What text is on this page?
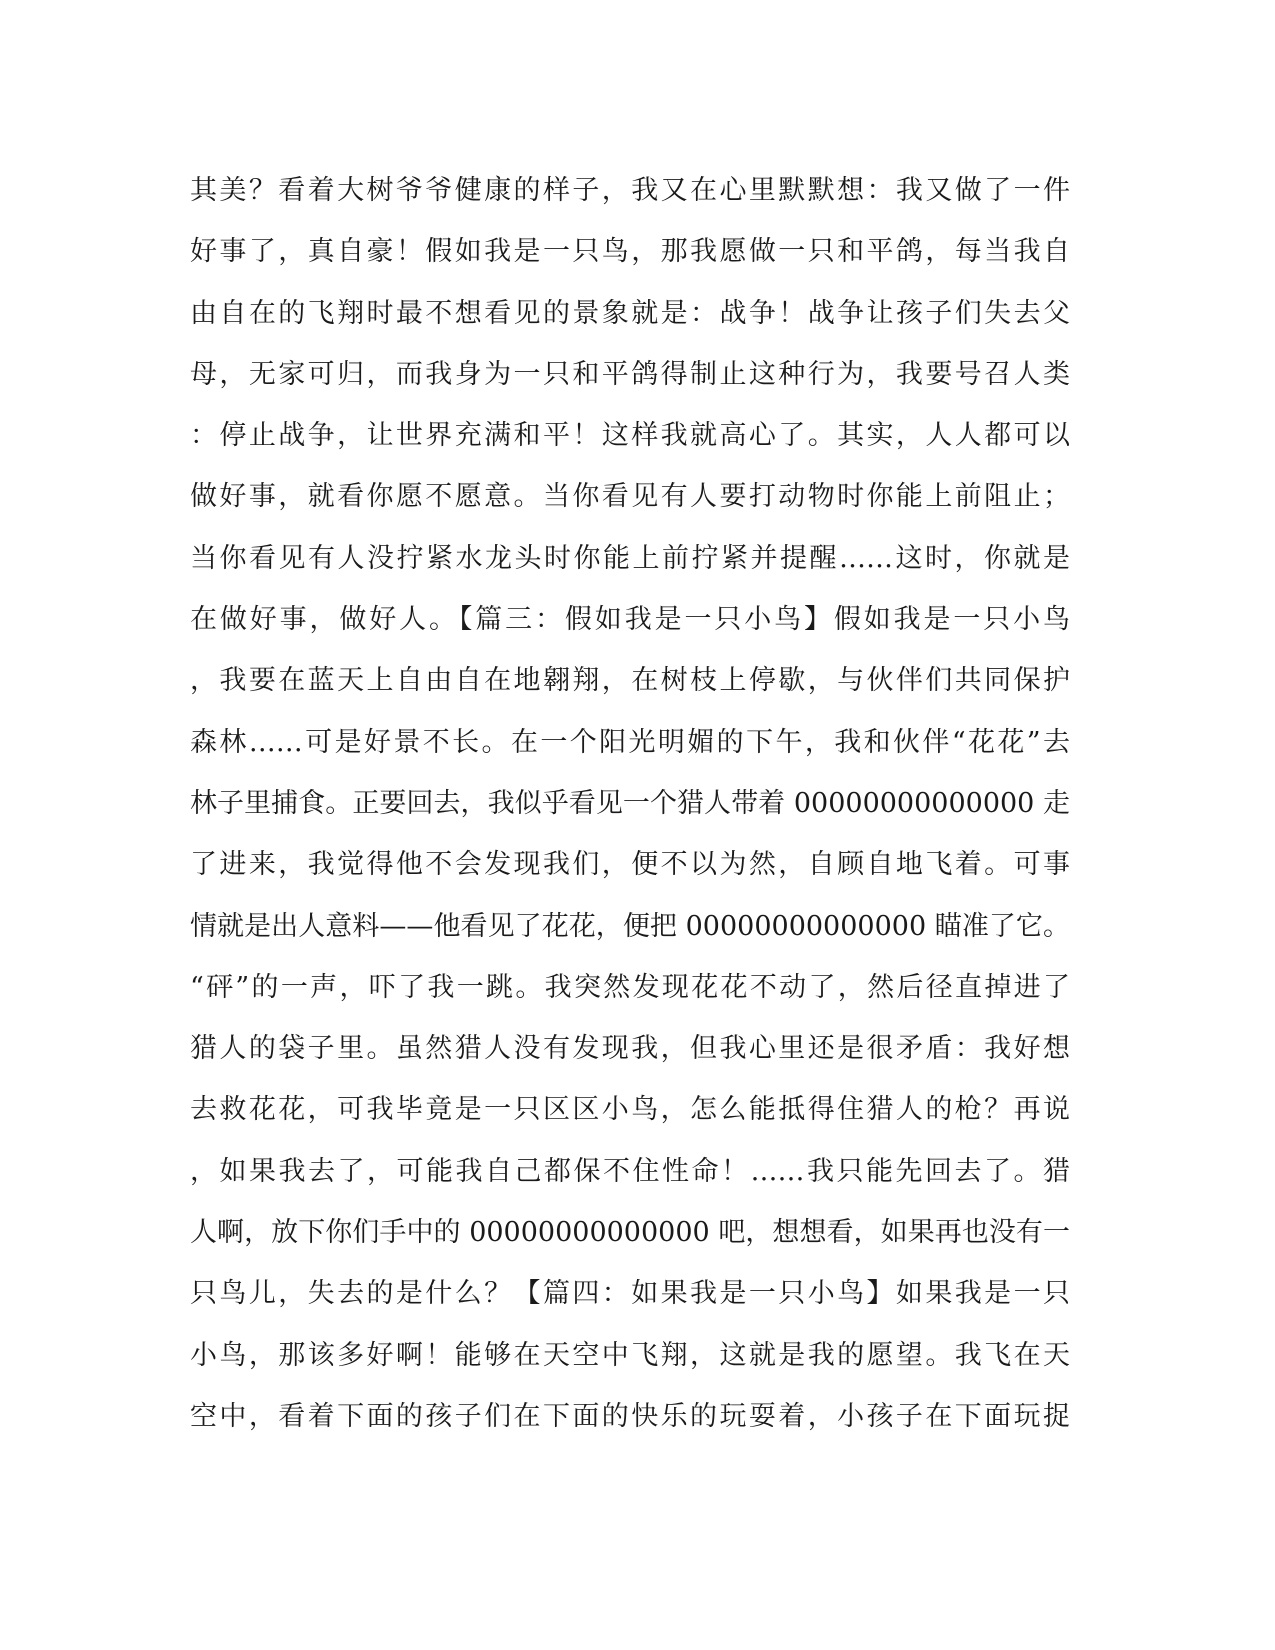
其美？看着大树爷爷健康的样子，我又在心里默默想：我又做了一件
好事了，真自豪！假如我是一只鸟，那我愿做一只和平鸽，每当我自
由自在的飞翔时最不想看见的景象就是：战争！战争让孩子们失去父
母，无家可归，而我身为一只和平鸽得制止这种行为，我要号召人类
：停止战争，让世界充满和平！这样我就高心了。其实，人人都可以
做好事，就看你愿不愿意。当你看见有人要打动物时你能上前阻止；
当你看见有人没拧紧水龙头时你能上前拧紧并提醒……这时，你就是
在做好事，做好人。【篇三：假如我是一只小鸟】假如我是一只小鸟
，我要在蓝天上自由自在地翱翔，在树枝上停歇，与伙伴们共同保护
森林……可是好景不长。在一个阳光明媚的下午，我和伙伴“花花”去
林子里捕食。正要回去，我似乎看见一个猎人带着 00000000000000 走
了进来，我觉得他不会发现我们，便不以为然，自顾自地飞着。可事
情就是出人意料——他看见了花花，便把 00000000000000 瞄准了它。
“砰”的一声，吓了我一跳。我突然发现花花不动了，然后径直掉进了
猎人的袋子里。虽然猎人没有发现我，但我心里还是很矛盾：我好想
去救花花，可我毕竟是一只区区小鸟，怎么能抵得住猎人的枪？再说
，如果我去了，可能我自己都保不住性命！……我只能先回去了。猎
人啊，放下你们手中的 00000000000000 吧，想想看，如果再也没有一
只鸟儿，失去的是什么？【篇四：如果我是一只小鸟】如果我是一只
小鸟，那该多好啊！能够在天空中飞翔，这就是我的愿望。我飞在天
空中，看着下面的孩子们在下面的快乐的玩耍着，小孩子在下面玩捉
